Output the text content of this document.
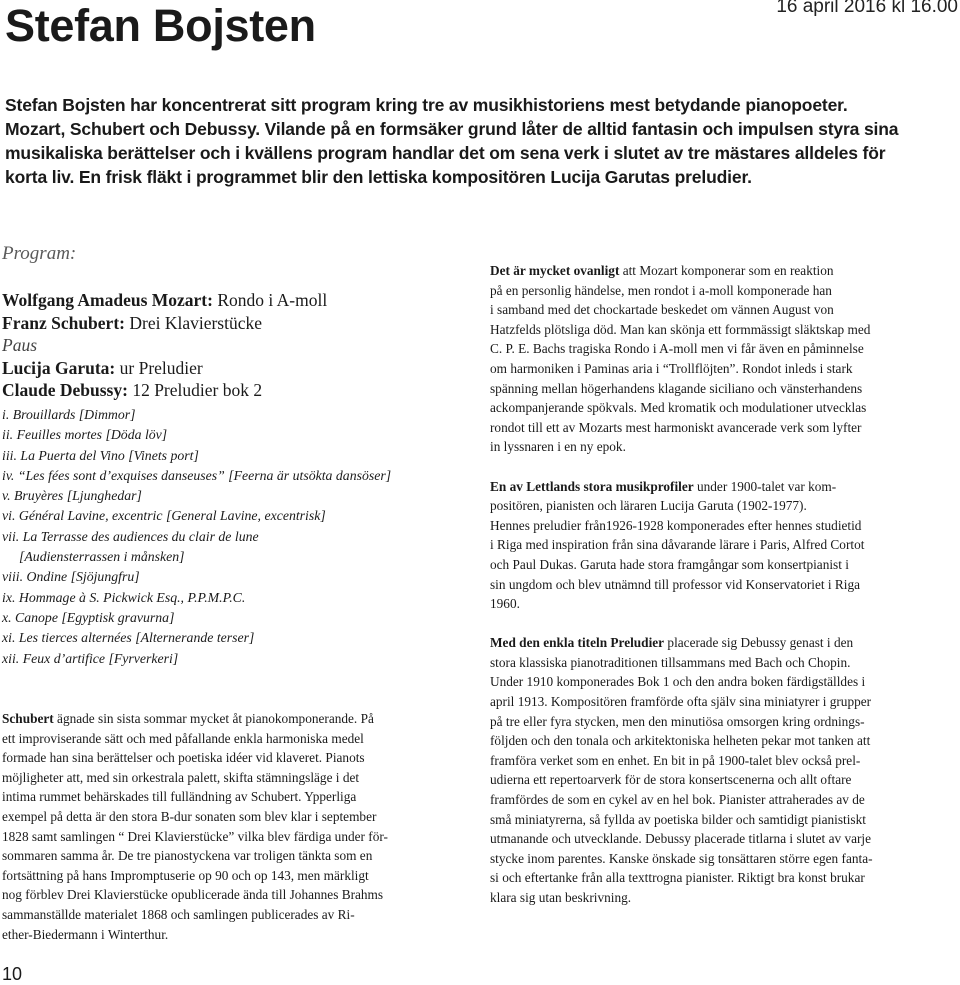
Stefan Bojsten	16 april 2016 kl 16.00

Stefan Bojsten har koncentrerat sitt program kring tre av musikhistoriens mest betydande pianopoeter.
Mozart, Schubert och Debussy. Vilande på en formsäker grund låter de alltid fantasin och impulsen styra sina
musikaliska berättelser och i kvällens program handlar det om sena verk i slutet av tre mästares alldeles för
korta liv. En frisk fläkt i programmet blir den lettiska kompositören Lucija Garutas preludier.

Program:
Wolfgang Amadeus Mozart: Rondo i A-moll
Franz Schubert: Drei Klavierstücke
Paus
Lucija Garuta: ur Preludier
Claude Debussy: 12 Preludier bok 2
i. Brouillards [Dimmor]
ii. Feuilles mortes [Döda löv]
iii. La Puerta del Vino [Vinets port]
iv. “Les fées sont d’exquises danseuses” [Feerna är utsökta dansöser]
v. Bruyères [Ljunghedar]
vi. Général Lavine, excentric [General Lavine, excentrisk]
vii. La Terrasse des audiences du clair de lune
[Audiensterrassen i månsken]
viii. Ondine [Sjöjungfru]
ix. Hommage à S. Pickwick Esq., P.P.M.P.C.
x. Canope [Egyptisk gravurna]
xi. Les tierces alternées [Alternerande terser]
xii. Feux d’artifice [Fyrverkeri]

Schubert ägnade sin sista sommar mycket åt pianokomponerande. På
ett improviserande sätt och med påfallande enkla harmoniska medel
formade han sina berättelser och poetiska idéer vid klaveret. Pianots
möjligheter att, med sin orkestrala palett, skifta stämningsläge i det
intima rummet behärskades till fulländning av Schubert. Ypperliga
exempel på detta är den stora B-dur sonaten som blev klar i september
1828 samt samlingen “ Drei Klavierstücke” vilka blev färdiga under för-
sommaren samma år. De tre pianostyckena var troligen tänkta som en
fortsättning på hans Impromptuserie op 90 och op 143, men märkligt
nog förblev Drei Klavierstücke opublicerade ända till Johannes Brahms
sammanställde materialet 1868 och samlingen publicerades av Ri-
ether-Biedermann i Winterthur.

Det är mycket ovanligt att Mozart komponerar som en reaktion
på en personlig händelse, men rondot i a-moll komponerade han
i samband med det chockartade beskedet om vännen August von
Hatzfelds plötsliga död. Man kan skönja ett formmässigt släktskap med
C. P. E. Bachs tragiska Rondo i A-moll men vi får även en påminnelse
om harmoniken i Paminas aria i “Trollflöjten”. Rondot inleds i stark
spänning mellan högerhandens klagande siciliano och vänsterhandens
ackompanjerande spökvals. Med kromatik och modulationer utvecklas
rondot till ett av Mozarts mest harmoniskt avancerade verk som lyfter
in lyssnaren i en ny epok.

En av Lettlands stora musikprofiler under 1900-talet var kom-
positören, pianisten och läraren Lucija Garuta (1902-1977).
Hennes preludier från1926-1928 komponerades efter hennes studietid
i Riga med inspiration från sina dåvarande lärare i Paris, Alfred Cortot
och Paul Dukas. Garuta hade stora framgångar som konsertpianist i
sin ungdom och blev utnämnd till professor vid Konservatoriet i Riga
1960.

Med den enkla titeln Preludier placerade sig Debussy genast i den
stora klassiska pianotraditionen tillsammans med Bach och Chopin.
Under 1910 komponerades Bok 1 och den andra boken färdigställdes i
april 1913. Kompositören framförde ofta själv sina miniatyrer i grupper
på tre eller fyra stycken, men den minutiösa omsorgen kring ordnings-
följden och den tonala och arkitektoniska helheten pekar mot tanken att
framföra verket som en enhet. En bit in på 1900-talet blev också prel-
udierna ett repertoarverk för de stora konsertscenerna och allt oftare
framfördes de som en cykel av en hel bok. Pianister attraherades av de
små miniatyrerna, så fyllda av poetiska bilder och samtidigt pianistiskt
utmanande och utvecklande. Debussy placerade titlarna i slutet av varje
stycke inom parentes. Kanske önskade sig tonsättaren större egen fanta-
si och eftertanke från alla texttrogna pianister. Riktigt bra konst brukar
klara sig utan beskrivning.

10
